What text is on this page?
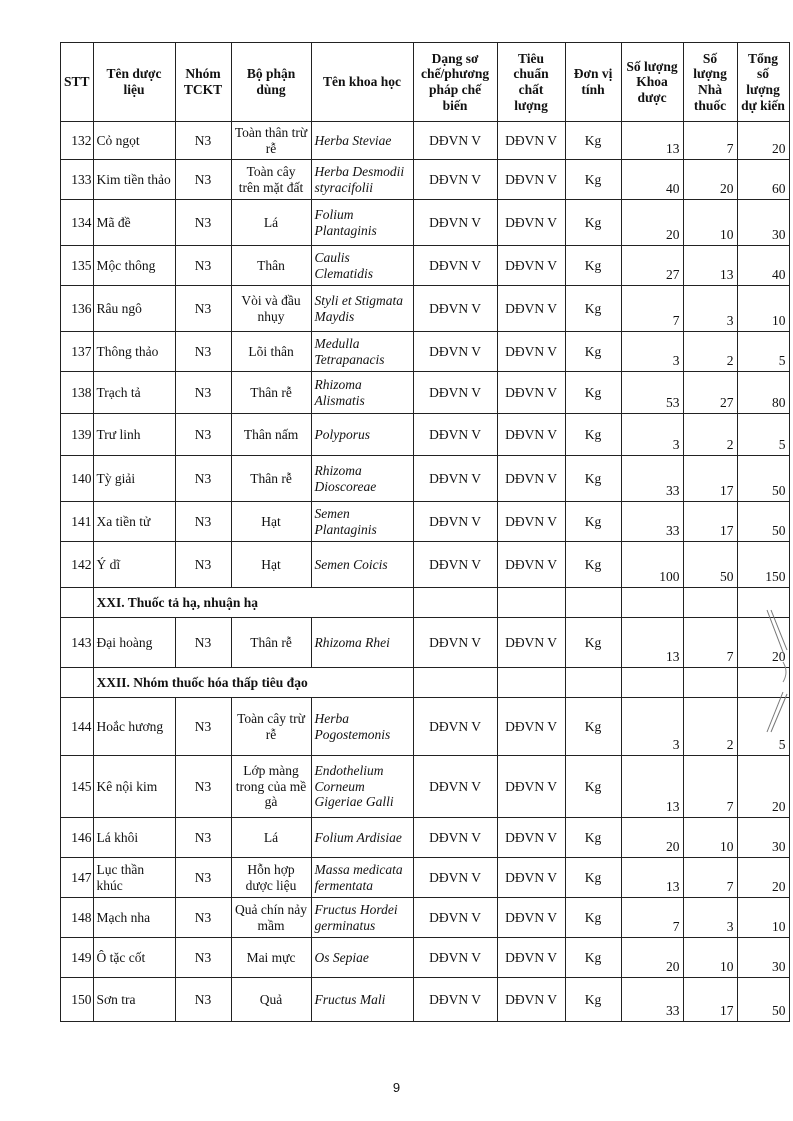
STT	Tên dược liệu	Nhóm TCKT	Bộ phận dùng	Tên khoa học	Dạng sơ chế/phương pháp chế biến	Tiêu chuẩn chất lượng	Đơn vị tính	Số lượng Khoa dược	Số lượng Nhà thuốc	Tổng số lượng dự kiến
132	Cỏ ngọt	N3	Toàn thân trừ rễ	Herba Steviae	DĐVN V	DĐVN V	Kg	13	7	20
133	Kim tiền thảo	N3	Toàn cây trên mặt đất	Herba Desmodii styracifolii	DĐVN V	DĐVN V	Kg	40	20	60
134	Mã đề	N3	Lá	Folium Plantaginis	DĐVN V	DĐVN V	Kg	20	10	30
135	Mộc thông	N3	Thân	Caulis Clematidis	DĐVN V	DĐVN V	Kg	27	13	40
136	Râu ngô	N3	Vòi và đầu nhụy	Styli et Stigmata Maydis	DĐVN V	DĐVN V	Kg	7	3	10
137	Thông thảo	N3	Lõi thân	Medulla Tetrapanacis	DĐVN V	DĐVN V	Kg	3	2	5
138	Trạch tả	N3	Thân rễ	Rhizoma Alismatis	DĐVN V	DĐVN V	Kg	53	27	80
139	Trư linh	N3	Thân nấm	Polyporus	DĐVN V	DĐVN V	Kg	3	2	5
140	Tỳ giải	N3	Thân rễ	Rhizoma Dioscoreae	DĐVN V	DĐVN V	Kg	33	17	50
141	Xa tiền tử	N3	Hạt	Semen Plantaginis	DĐVN V	DĐVN V	Kg	33	17	50
142	Ý dĩ	N3	Hạt	Semen Coicis	DĐVN V	DĐVN V	Kg	100	50	150
	XXI. Thuốc tả hạ, nhuận hạ									
143	Đại hoàng	N3	Thân rễ	Rhizoma Rhei	DĐVN V	DĐVN V	Kg	13	7	20
	XXII. Nhóm thuốc hóa thấp tiêu đạo									
144	Hoắc hương	N3	Toàn cây trừ rễ	Herba Pogostemonis	DĐVN V	DĐVN V	Kg	3	2	5
145	Kê nội kim	N3	Lớp màng trong của mề gà	Endothelium Corneum Gigeriae Galli	DĐVN V	DĐVN V	Kg	13	7	20
146	Lá khôi	N3	Lá	Folium Ardisiae	DĐVN V	DĐVN V	Kg	20	10	30
147	Lục thần khúc	N3	Hỗn hợp dược liệu	Massa medicata fermentata	DĐVN V	DĐVN V	Kg	13	7	20
148	Mạch nha	N3	Quả chín nảy mầm	Fructus Hordei germinatus	DĐVN V	DĐVN V	Kg	7	3	10
149	Ô tặc cốt	N3	Mai mực	Os Sepiae	DĐVN V	DĐVN V	Kg	20	10	30
150	Sơn tra	N3	Quả	Fructus Mali	DĐVN V	DĐVN V	Kg	33	17	50
9
